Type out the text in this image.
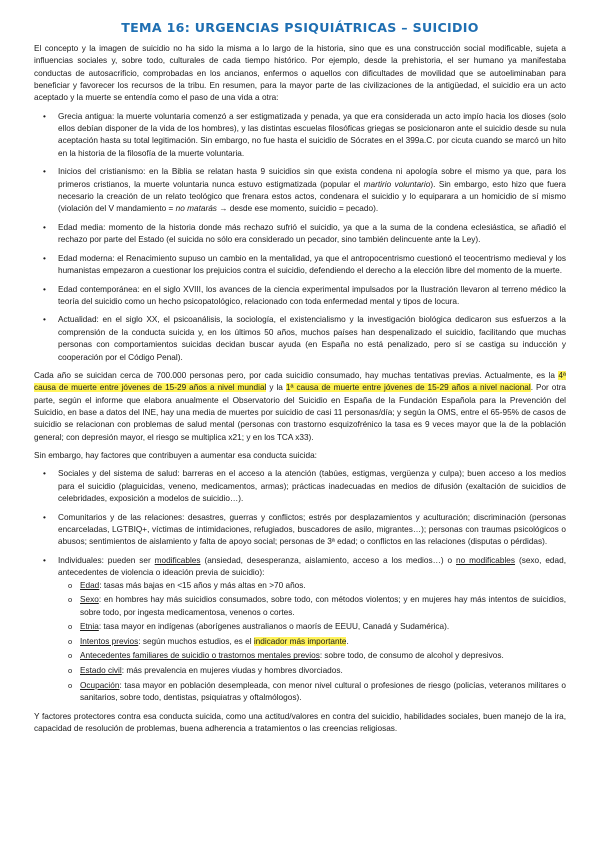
TEMA 16: URGENCIAS PSIQUIÁTRICAS – SUICIDIO

El concepto y la imagen de suicidio no ha sido la misma a lo largo de la historia, sino que es una construcción social modificable, sujeta a influencias sociales y, sobre todo, culturales de cada tiempo histórico. Por ejemplo, desde la prehistoria, el ser humano ya manifestaba conductas de autosacrificio, comprobadas en los ancianos, enfermos o aquellos con dificultades de movilidad que se autoeliminaban para beneficiar y favorecer los recursos de la tribu. En resumen, para la mayor parte de las civilizaciones de la antigüedad, el suicidio era un acto aceptado y la muerte se entendía como el paso de una vida a otra:

• Grecia antigua: la muerte voluntaria comenzó a ser estigmatizada y penada, ya que era considerada un acto impío hacia los dioses (solo ellos debían disponer de la vida de los hombres), y las distintas escuelas filosóficas griegas se posicionaron ante el suicidio desde su nula aceptación hasta su total legitimación. Sin embargo, no fue hasta el suicidio de Sócrates en el 399a.C. por cicuta cuando se marcó un hito en la historia de la filosofía de la muerte voluntaria.
• Inicios del cristianismo: en la Biblia se relatan hasta 9 suicidios sin que exista condena ni apología sobre el mismo ya que, para los primeros cristianos, la muerte voluntaria nunca estuvo estigmatizada (popular el martirio voluntario). Sin embargo, esto hizo que fuera necesario la creación de un relato teológico que frenara estos actos, condenara el suicidio y lo equiparara a un homicidio de sí mismo (violación del V mandamiento = no matarás → desde ese momento, suicidio = pecado).
• Edad media: momento de la historia donde más rechazo sufrió el suicidio, ya que a la suma de la condena eclesiástica, se añadió el rechazo por parte del Estado (el suicida no sólo era considerado un pecador, sino también delincuente ante la Ley).
• Edad moderna: el Renacimiento supuso un cambio en la mentalidad, ya que el antropocentrismo cuestionó el teocentrismo medieval y los humanistas empezaron a cuestionar los prejuicios contra el suicidio, defendiendo el derecho a la elección libre del momento de la muerte.
• Edad contemporánea: en el siglo XVIII, los avances de la ciencia experimental impulsados por la Ilustración llevaron al terreno médico la teoría del suicidio como un hecho psicopatológico, relacionado con toda enfermedad mental y tipos de locura.
• Actualidad: en el siglo XX, el psicoanálisis, la sociología, el existencialismo y la investigación biológica dedicaron sus esfuerzos a la comprensión de la conducta suicida y, en los últimos 50 años, muchos países han despenalizado el suicidio, facilitando que muchas personas con comportamientos suicidas decidan buscar ayuda (en España no está penalizado, pero sí se castiga su inducción y cooperación por el Código Penal).

Cada año se suicidan cerca de 700.000 personas pero, por cada suicidio consumado, hay muchas tentativas previas. Actualmente, es la 4ª causa de muerte entre jóvenes de 15-29 años a nivel mundial y la 1ª causa de muerte entre jóvenes de 15-29 años a nivel nacional. Por otra parte, según el informe que elabora anualmente el Observatorio del Suicidio en España de la Fundación Española para la Prevención del Suicidio, en base a datos del INE, hay una media de muertes por suicidio de casi 11 personas/día; y según la OMS, entre el 65-95% de casos de suicidio se relacionan con problemas de salud mental (personas con trastorno esquizofrénico la tasa es 9 veces mayor que la de la población general; con depresión mayor, el riesgo se multiplica x21; y en los TCA x33).

Sin embargo, hay factores que contribuyen a aumentar esa conducta suicida:

• Sociales y del sistema de salud: barreras en el acceso a la atención (tabúes, estigmas, vergüenza y culpa); buen acceso a los medios para el suicidio (plaguicidas, veneno, medicamentos, armas); prácticas inadecuadas en medios de difusión (exaltación de suicidios de celebridades, exposición a modelos de suicidio…).
• Comunitarios y de las relaciones: desastres, guerras y conflictos; estrés por desplazamientos y aculturación; discriminación (personas encarceladas, LGTBIQ+, víctimas de intimidaciones, refugiados, buscadores de asilo, migrantes…); personas con traumas psicológicos o abusos; sentimientos de aislamiento y falta de apoyo social; personas de 3ª edad; o conflictos en las relaciones (disputas o pérdidas).
• Individuales: pueden ser modificables (ansiedad, desesperanza, aislamiento, acceso a los medios…) o no modificables (sexo, edad, antecedentes de violencia o ideación previa de suicidio):
o Edad: tasas más bajas en <15 años y más altas en >70 años.
o Sexo: en hombres hay más suicidios consumados, sobre todo, con métodos violentos; y en mujeres hay más intentos de suicidios, sobre todo, por ingesta medicamentosa, venenos o cortes.
o Etnia: tasa mayor en indígenas (aborígenes australianos o maorís de EEUU, Canadá y Sudamérica).
o Intentos previos: según muchos estudios, es el indicador más importante.
o Antecedentes familiares de suicidio o trastornos mentales previos: sobre todo, de consumo de alcohol y depresivos.
o Estado civil: más prevalencia en mujeres viudas y hombres divorciados.
o Ocupación: tasa mayor en población desempleada, con menor nivel cultural o profesiones de riesgo (policías, veteranos militares o sanitarios, sobre todo, dentistas, psiquiatras y oftalmólogos).

Y factores protectores contra esa conducta suicida, como una actitud/valores en contra del suicidio, habilidades sociales, buen manejo de la ira, capacidad de resolución de problemas, buena adherencia a tratamientos o las creencias religiosas.
